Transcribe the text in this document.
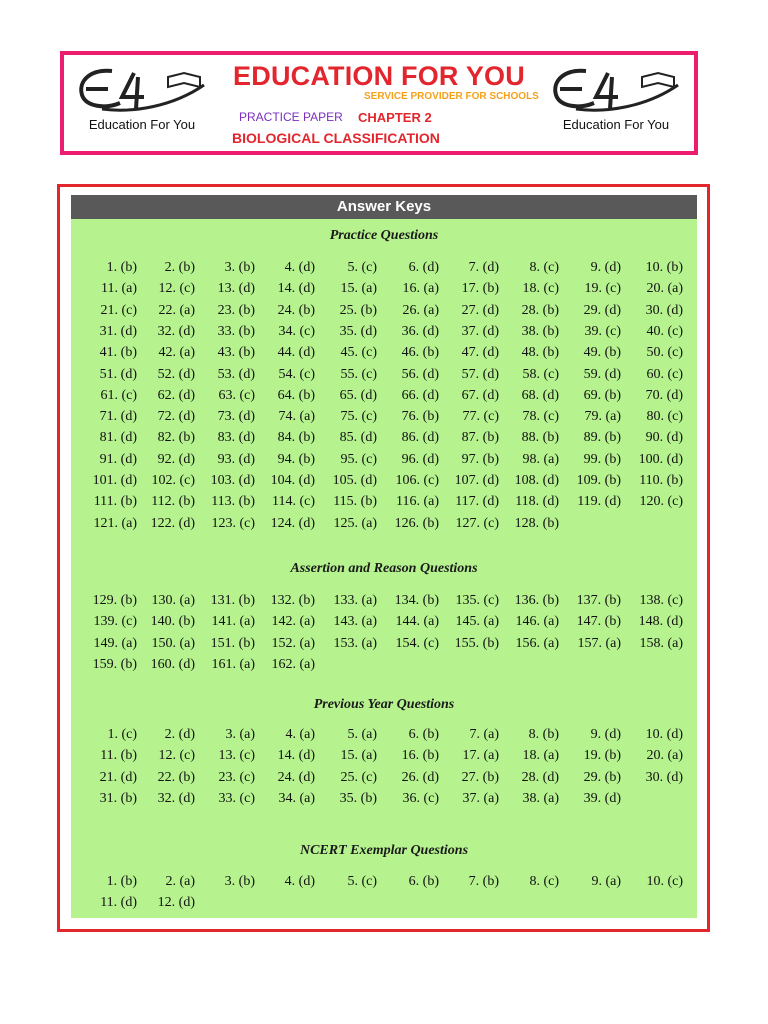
Education For You
EDUCATION FOR YOU
SERVICE PROVIDER FOR SCHOOLS
PRACTICE PAPER CHAPTER 2
BIOLOGICAL CLASSIFICATION
Education For You
Answer Keys
Practice Questions
1. (b)	2. (b)	3. (b)	4. (d)	5. (c)	6. (d)	7. (d)	8. (c)	9. (d)	10. (b)
11. (a)	12. (c)	13. (d)	14. (d)	15. (a)	16. (a)	17. (b)	18. (c)	19. (c)	20. (a)
21. (c)	22. (a)	23. (b)	24. (b)	25. (b)	26. (a)	27. (d)	28. (b)	29. (d)	30. (d)
31. (d)	32. (d)	33. (b)	34. (c)	35. (d)	36. (d)	37. (d)	38. (b)	39. (c)	40. (c)
41. (b)	42. (a)	43. (b)	44. (d)	45. (c)	46. (b)	47. (d)	48. (b)	49. (b)	50. (c)
51. (d)	52. (d)	53. (d)	54. (c)	55. (c)	56. (d)	57. (d)	58. (c)	59. (d)	60. (c)
61. (c)	62. (d)	63. (c)	64. (b)	65. (d)	66. (d)	67. (d)	68. (d)	69. (b)	70. (d)
71. (d)	72. (d)	73. (d)	74. (a)	75. (c)	76. (b)	77. (c)	78. (c)	79. (a)	80. (c)
81. (d)	82. (b)	83. (d)	84. (b)	85. (d)	86. (d)	87. (b)	88. (b)	89. (b)	90. (d)
91. (d)	92. (d)	93. (d)	94. (b)	95. (c)	96. (d)	97. (b)	98. (a)	99. (b)	100. (d)
101. (d)	102. (c)	103. (d)	104. (d)	105. (d)	106. (c)	107. (d)	108. (d)	109. (b)	110. (b)
111. (b)	112. (b)	113. (b)	114. (c)	115. (b)	116. (a)	117. (d)	118. (d)	119. (d)	120. (c)
121. (a) 122. (d)	123. (c)	124. (d)	125. (a)	126. (b)	127. (c)	128. (b)
Assertion and Reason Questions
129. (b)	130. (a)	131. (b)	132. (b)	133. (a)	134. (b)	135. (c)	136. (b)	137. (b)	138. (c)
139. (c) 140. (b)	141. (a)	142. (a)	143. (a)	144. (a)	145. (a)	146. (a)	147. (b)	148. (d)
149. (a)	150. (a)	151. (b)	152. (a)	153. (a)	154. (c)	155. (b)	156. (a)	157. (a)	158. (a)
159. (b) 160. (d)	161. (a)	162. (a)
Previous Year Questions
1. (c)	2. (d)	3. (a)	4. (a)	5. (a)	6. (b)	7. (a)	8. (b)	9. (d)	10. (d)
11. (b)	12. (c)	13. (c)	14. (d)	15. (a)	16. (b)	17. (a)	18. (a)	19. (b)	20. (a)
21. (d)	22. (b)	23. (c)	24. (d)	25. (c)	26. (d)	27. (b)	28. (d)	29. (b)	30. (d)
31. (b)	32. (d)	33. (c)	34. (a)	35. (b)	36. (c)	37. (a)	38. (a)	39. (d)
NCERT Exemplar Questions
1. (b)	2. (a)	3. (b)	4. (d)	5. (c)	6. (b)	7. (b)	8. (c)	9. (a)	10. (c)
11. (d)	12. (d)
